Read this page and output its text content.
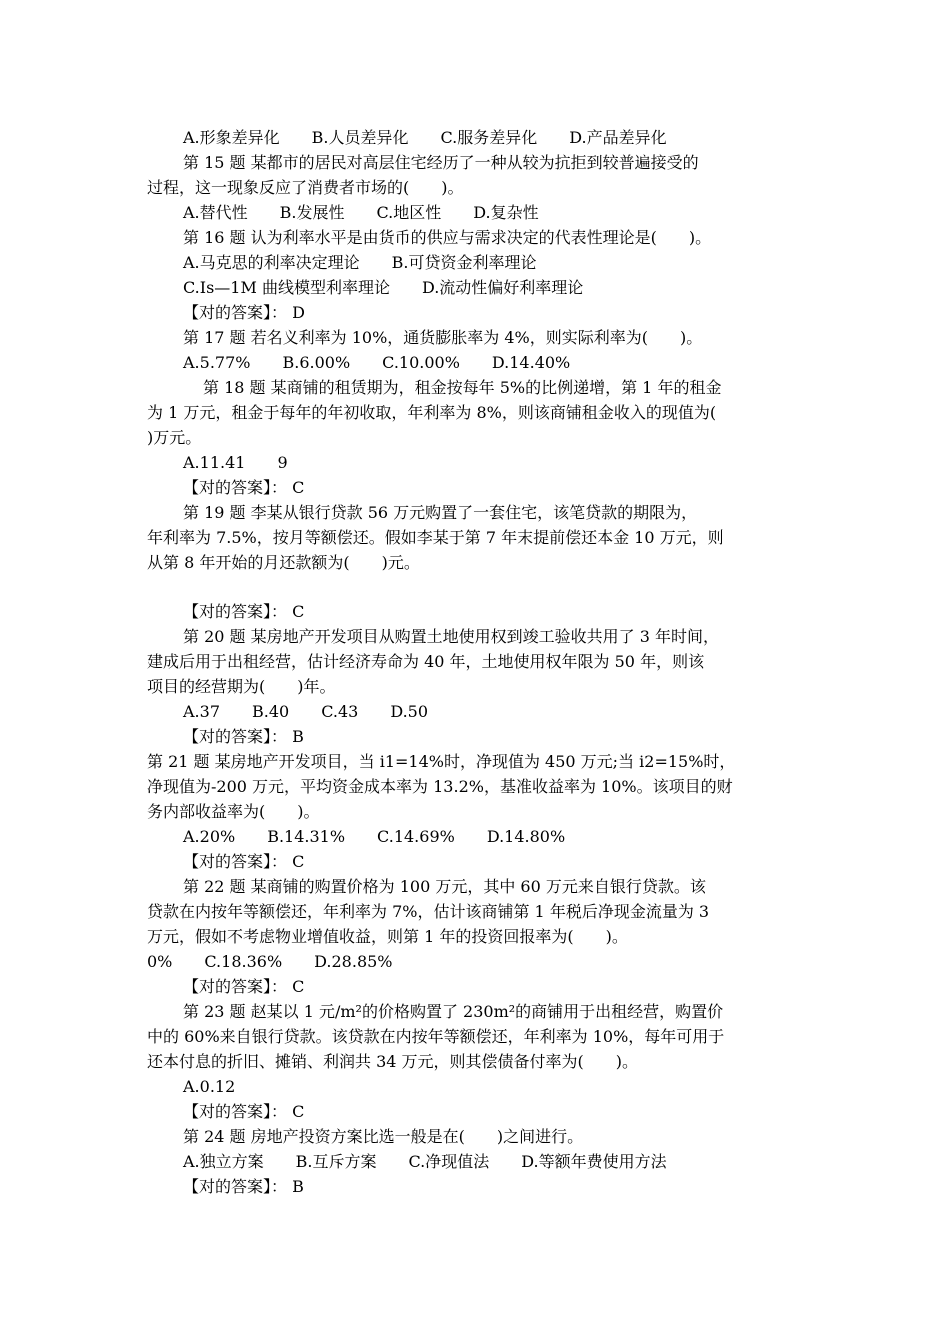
A.形象差异化　　B.人员差异化　　C.服务差异化　　D.产品差异化
第 15 题 某都市的居民对高层住宅经历了一种从较为抗拒到较普遍接受的
过程，这一现象反应了消费者市场的(　　)。
A.替代性　　B.发展性　　C.地区性　　D.复杂性
第 16 题 认为利率水平是由货币的供应与需求决定的代表性理论是(　　)。
A.马克思的利率决定理论　　B.可贷资金利率理论
C.Is—1M 曲线模型利率理论　　D.流动性偏好利率理论
【对的答案】： D
第 17 题 若名义利率为 10%，通货膨胀率为 4%，则实际利率为(　　)。
A.5.77%　　B.6.00%　　C.10.00%　　D.14.40%
第 18 题 某商铺的租赁期为，租金按每年 5%的比例递增，第 1 年的租金
为 1 万元，租金于每年的年初收取，年利率为 8%，则该商铺租金收入的现值为(
)万元。
A.11.41　　9
【对的答案】： C
第 19 题 李某从银行贷款 56 万元购置了一套住宅，该笔贷款的期限为，
年利率为 7.5%，按月等额偿还。假如李某于第 7 年末提前偿还本金 10 万元，则
从第 8 年开始的月还款额为(　　)元。
【对的答案】： C
第 20 题 某房地产开发项目从购置土地使用权到竣工验收共用了 3 年时间，
建成后用于出租经营，估计经济寿命为 40 年，土地使用权年限为 50 年，则该
项目的经营期为(　　)年。
A.37　　B.40　　C.43　　D.50
【对的答案】： B
第 21 题 某房地产开发项目，当 i1=14%时，净现值为 450 万元;当 i2=15%时，
净现值为-200 万元，平均资金成本率为 13.2%，基准收益率为 10%。该项目的财
务内部收益率为(　　)。
A.20%　　B.14.31%　　C.14.69%　　D.14.80%
【对的答案】： C
第 22 题 某商铺的购置价格为 100 万元，其中 60 万元来自银行贷款。该
贷款在内按年等额偿还，年利率为 7%，估计该商铺第 1 年税后净现金流量为 3
万元，假如不考虑物业增值收益，则第 1 年的投资回报率为(　　)。
0%　　C.18.36%　　D.28.85%
【对的答案】： C
第 23 题 赵某以 1 元/m²的价格购置了 230m²的商铺用于出租经营，购置价
中的 60%来自银行贷款。该贷款在内按年等额偿还，年利率为 10%，每年可用于
还本付息的折旧、摊销、利润共 34 万元，则其偿债备付率为(　　)。
A.0.12
【对的答案】： C
第 24 题 房地产投资方案比选一般是在(　　)之间进行。
A.独立方案　　B.互斥方案　　C.净现值法　　D.等额年费使用方法
【对的答案】： B
